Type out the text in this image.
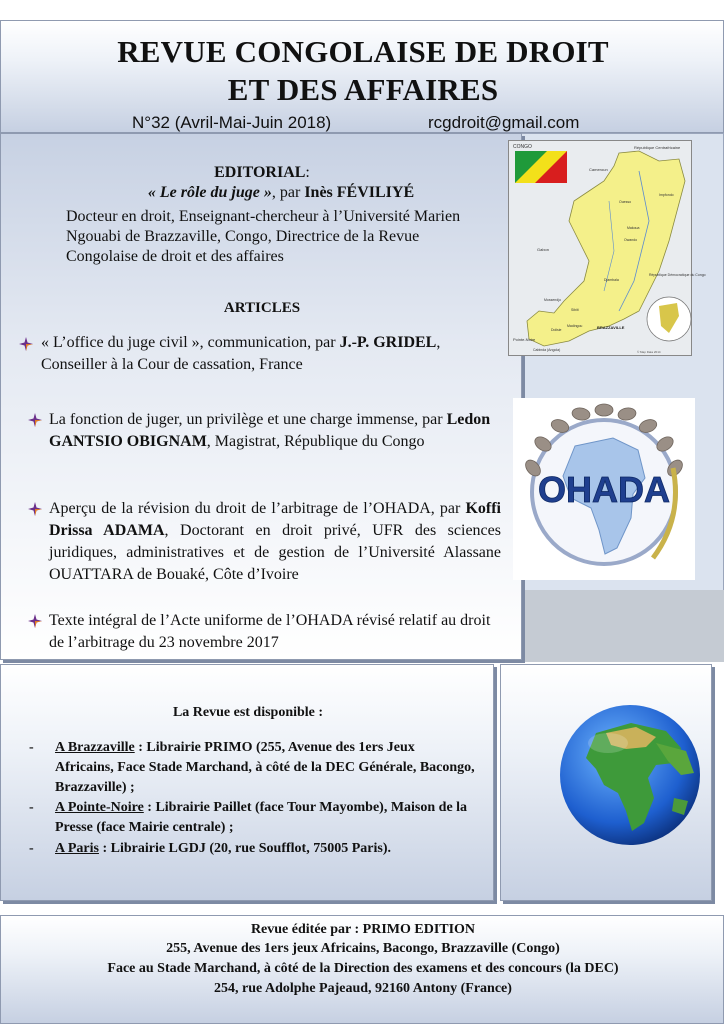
REVUE CONGOLAISE DE DROIT
ET DES AFFAIRES
N°32 (Avril-Mai-Juin 2018)	rcgdroit@gmail.com
EDITORIAL:
« Le rôle du juge », par Inès FÉVILIYÉ
Docteur en droit, Enseignant-chercheur à l’Université Marien Ngouabi de Brazzaville, Congo, Directrice de la Revue Congolaise de droit et des affaires
ARTICLES
« L’office du juge civil », communication, par J.-P. GRIDEL, Conseiller à la Cour de cassation, France
La fonction de juger, un privilège et une charge immense, par Ledon GANTSIO OBIGNAM, Magistrat, République du Congo
Aperçu de la révision du droit de l’arbitrage de l’OHADA, par Koffi Drissa ADAMA, Doctorant en droit privé, UFR des sciences juridiques, administratives et de gestion de l’Université Alassane OUATTARA de Bouaké, Côte d’Ivoire
Texte intégral de l’Acte uniforme de l’OHADA révisé relatif au droit de l’arbitrage du 23 novembre 2017
CONGO
Cameroun
République Centrafricaine
Gabon
République Démocratique du Congo
BRAZZAVILLE
Pointe-Noire
Cabinda (Angola)
Ouesso
Impfondo
Djambala
Dolisie
Madingou
Mossendjo
Sibiti
Owando
Makoua
© Map Data 2014
OHADA
La Revue est disponible :
- A Brazzaville : Librairie PRIMO (255, Avenue des 1ers Jeux Africains, Face Stade Marchand, à côté de la DEC Générale, Bacongo, Brazzaville) ;
- A Pointe-Noire : Librairie Paillet (face Tour Mayombe), Maison de la Presse (face Mairie centrale) ;
- A Paris : Librairie LGDJ (20, rue Soufflot, 75005 Paris).
Revue éditée par : PRIMO EDITION
255, Avenue des 1ers jeux Africains, Bacongo, Brazzaville (Congo)
Face au Stade Marchand, à côté de la Direction des examens et des concours (la DEC)
254, rue Adolphe Pajeaud, 92160 Antony (France)
